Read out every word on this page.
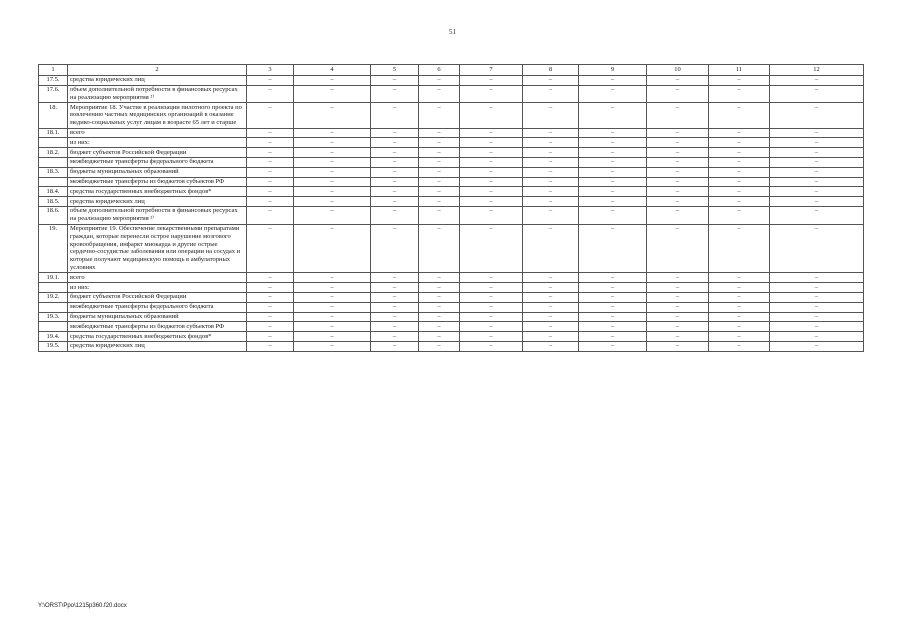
51
1	2	3	4	5	6	7	8	9	10	11	12
17.5.	средства юридических лиц	–	–	–	–	–	–	–	–	–	–
17.6.	объем дополнительной потребности в финансовых ресурсах на реализацию мероприятия ²⁾	–	–	–	–	–	–	–	–	–	–
18.	Мероприятие 18. Участие в реализации пилотного проекта по вовлечению частных медицинских организаций в оказание медико-социальных услуг лицам в возрасте 65 лет и старше	–	–	–	–	–	–	–	–	–	–
18.1.	всего	–	–	–	–	–	–	–	–	–	–
	из них:	–	–	–	–	–	–	–	–	–	–
18.2.	бюджет субъектов Российской Федерации	–	–	–	–	–	–	–	–	–	–
	межбюджетные трансферты федерального бюджета	–	–	–	–	–	–	–	–	–	–
18.3.	бюджеты муниципальных образований	–	–	–	–	–	–	–	–	–	–
	межбюджетные трансферты из бюджетов субъектов РФ	–	–	–	–	–	–	–	–	–	–
18.4.	средства государственных внебюджетных фондов*	–	–	–	–	–	–	–	–	–	–
18.5.	средства юридических лиц	–	–	–	–	–	–	–	–	–	–
18.6.	объем дополнительной потребности в финансовых ресурсах на реализацию мероприятия ²⁾	–	–	–	–	–	–	–	–	–	–
19.	Мероприятие 19. Обеспечение лекарственными препаратами граждан, которые перенесли острое нарушение мозгового кровообращения, инфаркт миокарда и другие острые сердечно-сосудистые заболевания или операции на сосудах и которые получают медицинскую помощь в амбулаторных условиях	–	–	–	–	–	–	–	–	–	–
19.1.	всего	–	–	–	–	–	–	–	–	–	–
	из них:	–	–	–	–	–	–	–	–	–	–
19.2.	бюджет субъектов Российской Федерации	–	–	–	–	–	–	–	–	–	–
	межбюджетные трансферты федерального бюджета	–	–	–	–	–	–	–	–	–	–
19.3.	бюджеты муниципальных образований	–	–	–	–	–	–	–	–	–	–
	межбюджетные трансферты из бюджетов субъектов РФ	–	–	–	–	–	–	–	–	–	–
19.4.	средства государственных внебюджетных фондов*	–	–	–	–	–	–	–	–	–	–
19.5.	средства юридических лиц	–	–	–	–	–	–	–	–	–	–
Y:\ORST\Ppo\1215p360.f20.docx
